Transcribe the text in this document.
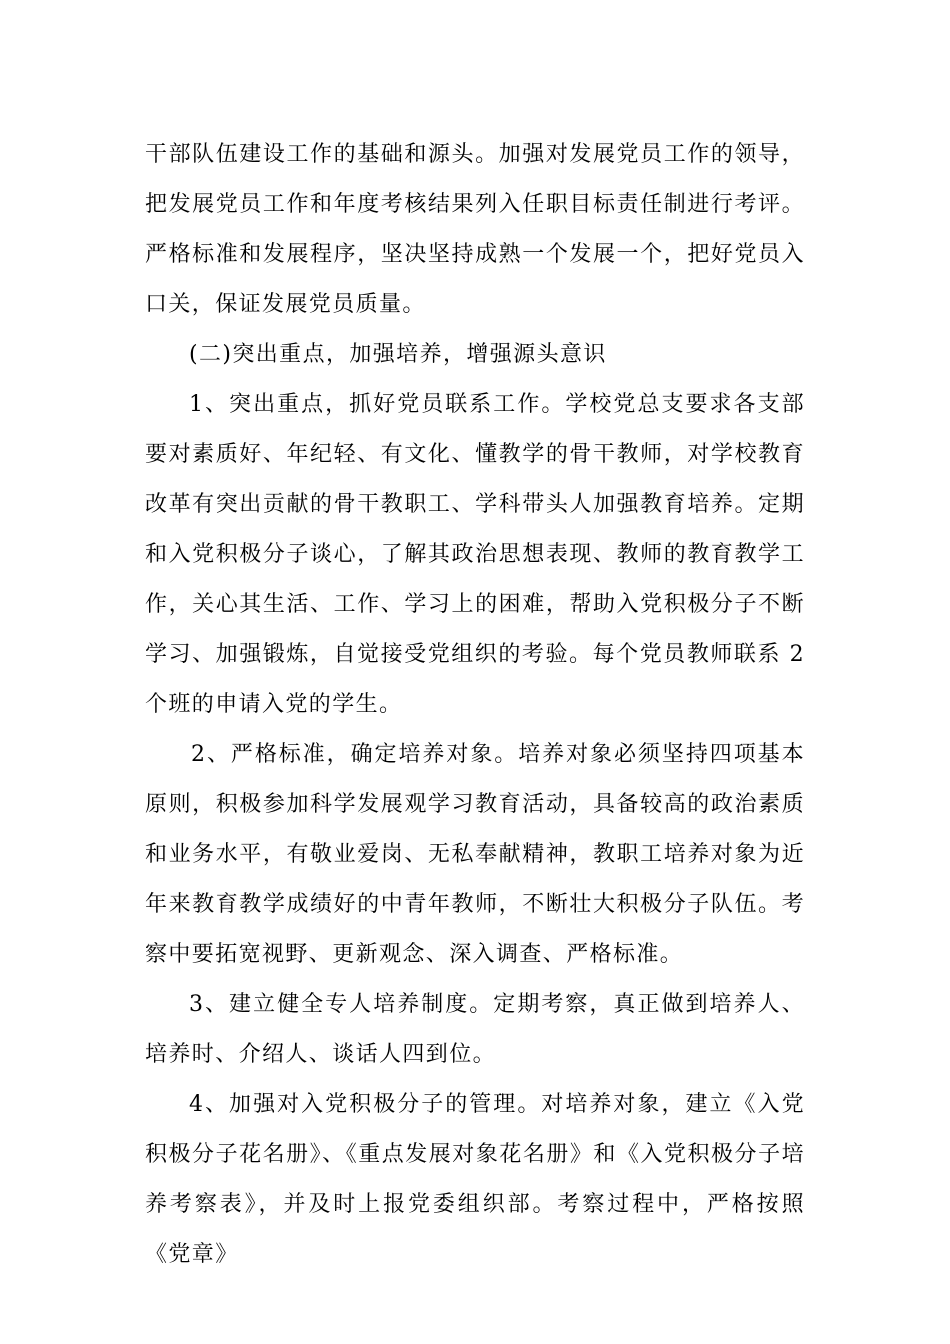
干部队伍建设工作的基础和源头。加强对发展党员工作的领导，把发展党员工作和年度考核结果列入任职目标责任制进行考评。严格标准和发展程序，坚决坚持成熟一个发展一个，把好党员入口关，保证发展党员质量。

(二)突出重点，加强培养，增强源头意识

1、突出重点，抓好党员联系工作。学校党总支要求各支部要对素质好、年纪轻、有文化、懂教学的骨干教师，对学校教育改革有突出贡献的骨干教职工、学科带头人加强教育培养。定期和入党积极分子谈心，了解其政治思想表现、教师的教育教学工作，关心其生活、工作、学习上的困难，帮助入党积极分子不断学习、加强锻炼，自觉接受党组织的考验。每个党员教师联系 2 个班的申请入党的学生。

2、严格标准，确定培养对象。培养对象必须坚持四项基本原则，积极参加科学发展观学习教育活动，具备较高的政治素质和业务水平，有敬业爱岗、无私奉献精神，教职工培养对象为近年来教育教学成绩好的中青年教师，不断壮大积极分子队伍。考察中要拓宽视野、更新观念、深入调查、严格标准。

3、建立健全专人培养制度。定期考察，真正做到培养人、培养时、介绍人、谈话人四到位。

4、加强对入党积极分子的管理。对培养对象，建立《入党积极分子花名册》、《重点发展对象花名册》和《入党积极分子培养考察表》，并及时上报党委组织部。考察过程中，严格按照《党章》
